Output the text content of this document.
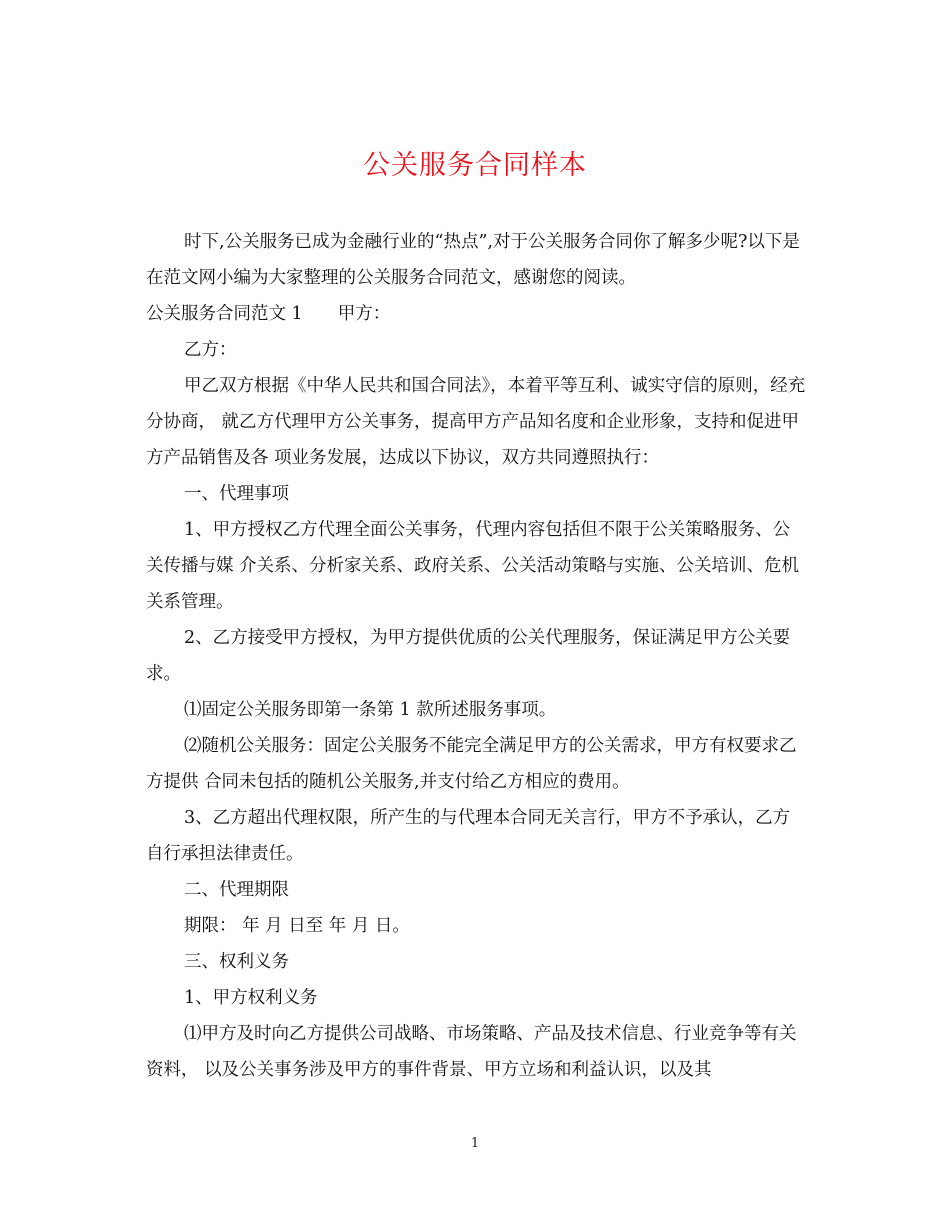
公关服务合同样本

时下,公关服务已成为金融行业的“热点”,对于公关服务合同你了解多少呢?以下是在范文网小编为大家整理的公关服务合同范文，感谢您的阅读。

公关服务合同范文 1　　甲方：

乙方：

甲乙双方根据《中华人民共和国合同法》，本着平等互利、诚实守信的原则，经充分协商， 就乙方代理甲方公关事务，提高甲方产品知名度和企业形象，支持和促进甲方产品销售及各 项业务发展，达成以下协议，双方共同遵照执行：

一、代理事项

1、甲方授权乙方代理全面公关事务，代理内容包括但不限于公关策略服务、公关传播与媒 介关系、分析家关系、政府关系、公关活动策略与实施、公关培训、危机关系管理。

2、乙方接受甲方授权，为甲方提供优质的公关代理服务，保证满足甲方公关要求。

⑴固定公关服务即第一条第 1 款所述服务事项。

⑵随机公关服务：固定公关服务不能完全满足甲方的公关需求，甲方有权要求乙方提供 合同未包括的随机公关服务,并支付给乙方相应的费用。

3、乙方超出代理权限，所产生的与代理本合同无关言行，甲方不予承认，乙方自行承担法律责任。

二、代理期限

期限： 年 月 日至 年 月 日。

三、权利义务

1、甲方权利义务

⑴甲方及时向乙方提供公司战略、市场策略、产品及技术信息、行业竞争等有关资料， 以及公关事务涉及甲方的事件背景、甲方立场和利益认识，以及其

1
